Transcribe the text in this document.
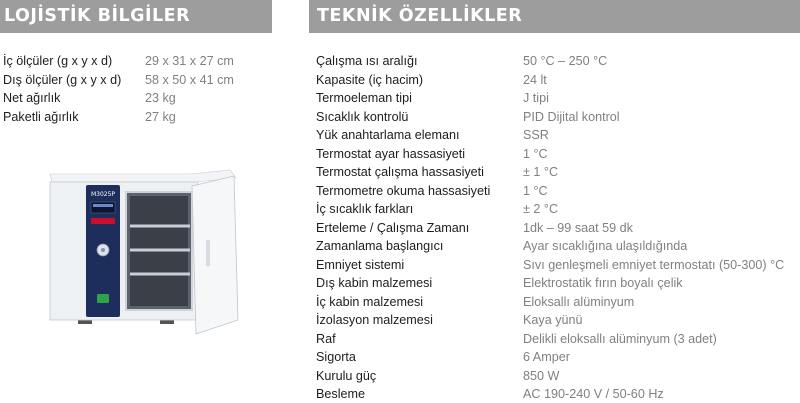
LOJİSTİK BİLGİLER	TEKNİK ÖZELLİKLER
İç ölçüler (g x y x d)	29 x 31 x 27 cm
Dış ölçüler (g x y x d) 58 x 50 x 41 cm
Net ağırlık	23 kg
Paketli ağırlık	27 kg
M3025P
Çalışma ısı aralığı	50 °C – 250 °C
Kapasite (iç hacim)	24 lt
Termoeleman tipi	J tipi
Sıcaklık kontrolü	PID Dijital kontrol
Yük anahtarlama elemanı	SSR
Termostat ayar hassasiyeti	1 °C
Termostat çalışma hassasiyeti	± 1 °C
Termometre okuma hassasiyeti	1 °C
İç sıcaklık farkları	± 2 °C
Erteleme / Çalışma Zamanı	1dk – 99 saat 59 dk
Zamanlama başlangıcı	Ayar sıcaklığına ulaşıldığında
Emniyet sistemi	Sıvı genleşmeli emniyet termostatı (50-300) °C
Dış kabin malzemesi	Elektrostatik fırın boyalı çelik
İç kabin malzemesi	Eloksallı alüminyum
İzolasyon malzemesi	Kaya yünü
Raf	Delikli eloksallı alüminyum (3 adet)
Sigorta	6 Amper
Kurulu güç	850 W
Besleme	AC 190-240 V / 50-60 Hz
